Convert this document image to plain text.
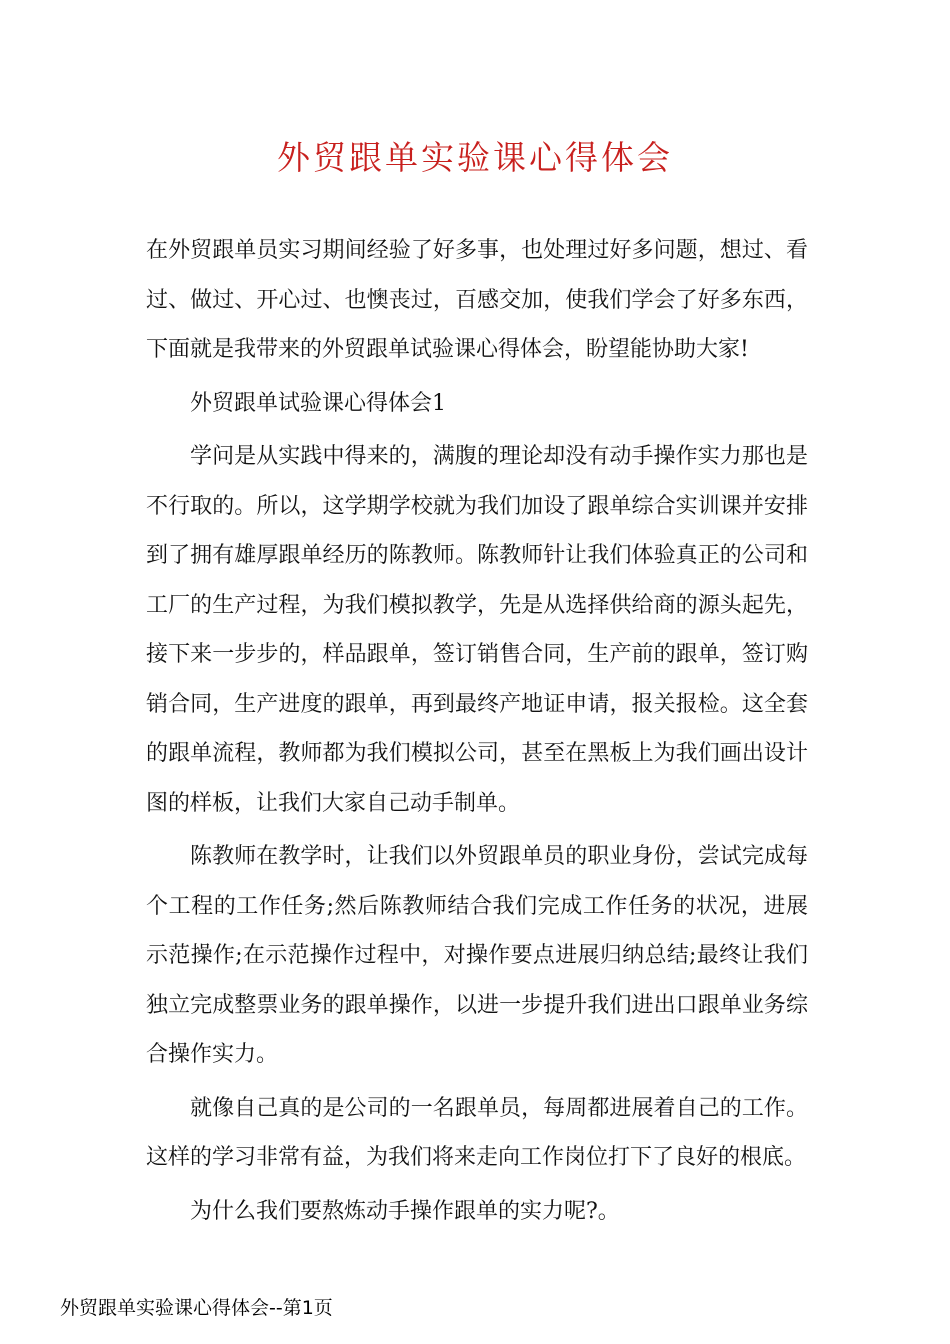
外贸跟单实验课心得体会

在外贸跟单员实习期间经验了好多事，也处理过好多问题，想过、看过、做过、开心过、也懊丧过，百感交加，使我们学会了好多东西，下面就是我带来的外贸跟单试验课心得体会，盼望能协助大家!

外贸跟单试验课心得体会1

学问是从实践中得来的，满腹的理论却没有动手操作实力那也是不行取的。所以，这学期学校就为我们加设了跟单综合实训课并安排到了拥有雄厚跟单经历的陈教师。陈教师针让我们体验真正的公司和工厂的生产过程，为我们模拟教学，先是从选择供给商的源头起先，接下来一步步的，样品跟单，签订销售合同，生产前的跟单，签订购销合同，生产进度的跟单，再到最终产地证申请，报关报检。这全套的跟单流程，教师都为我们模拟公司，甚至在黑板上为我们画出设计图的样板，让我们大家自己动手制单。

陈教师在教学时，让我们以外贸跟单员的职业身份，尝试完成每个工程的工作任务;然后陈教师结合我们完成工作任务的状况，进展示范操作;在示范操作过程中，对操作要点进展归纳总结;最终让我们独立完成整票业务的跟单操作，以进一步提升我们进出口跟单业务综合操作实力。

就像自己真的是公司的一名跟单员，每周都进展着自己的工作。这样的学习非常有益，为我们将来走向工作岗位打下了良好的根底。

为什么我们要熬炼动手操作跟单的实力呢?。

外贸跟单实验课心得体会--第1页
